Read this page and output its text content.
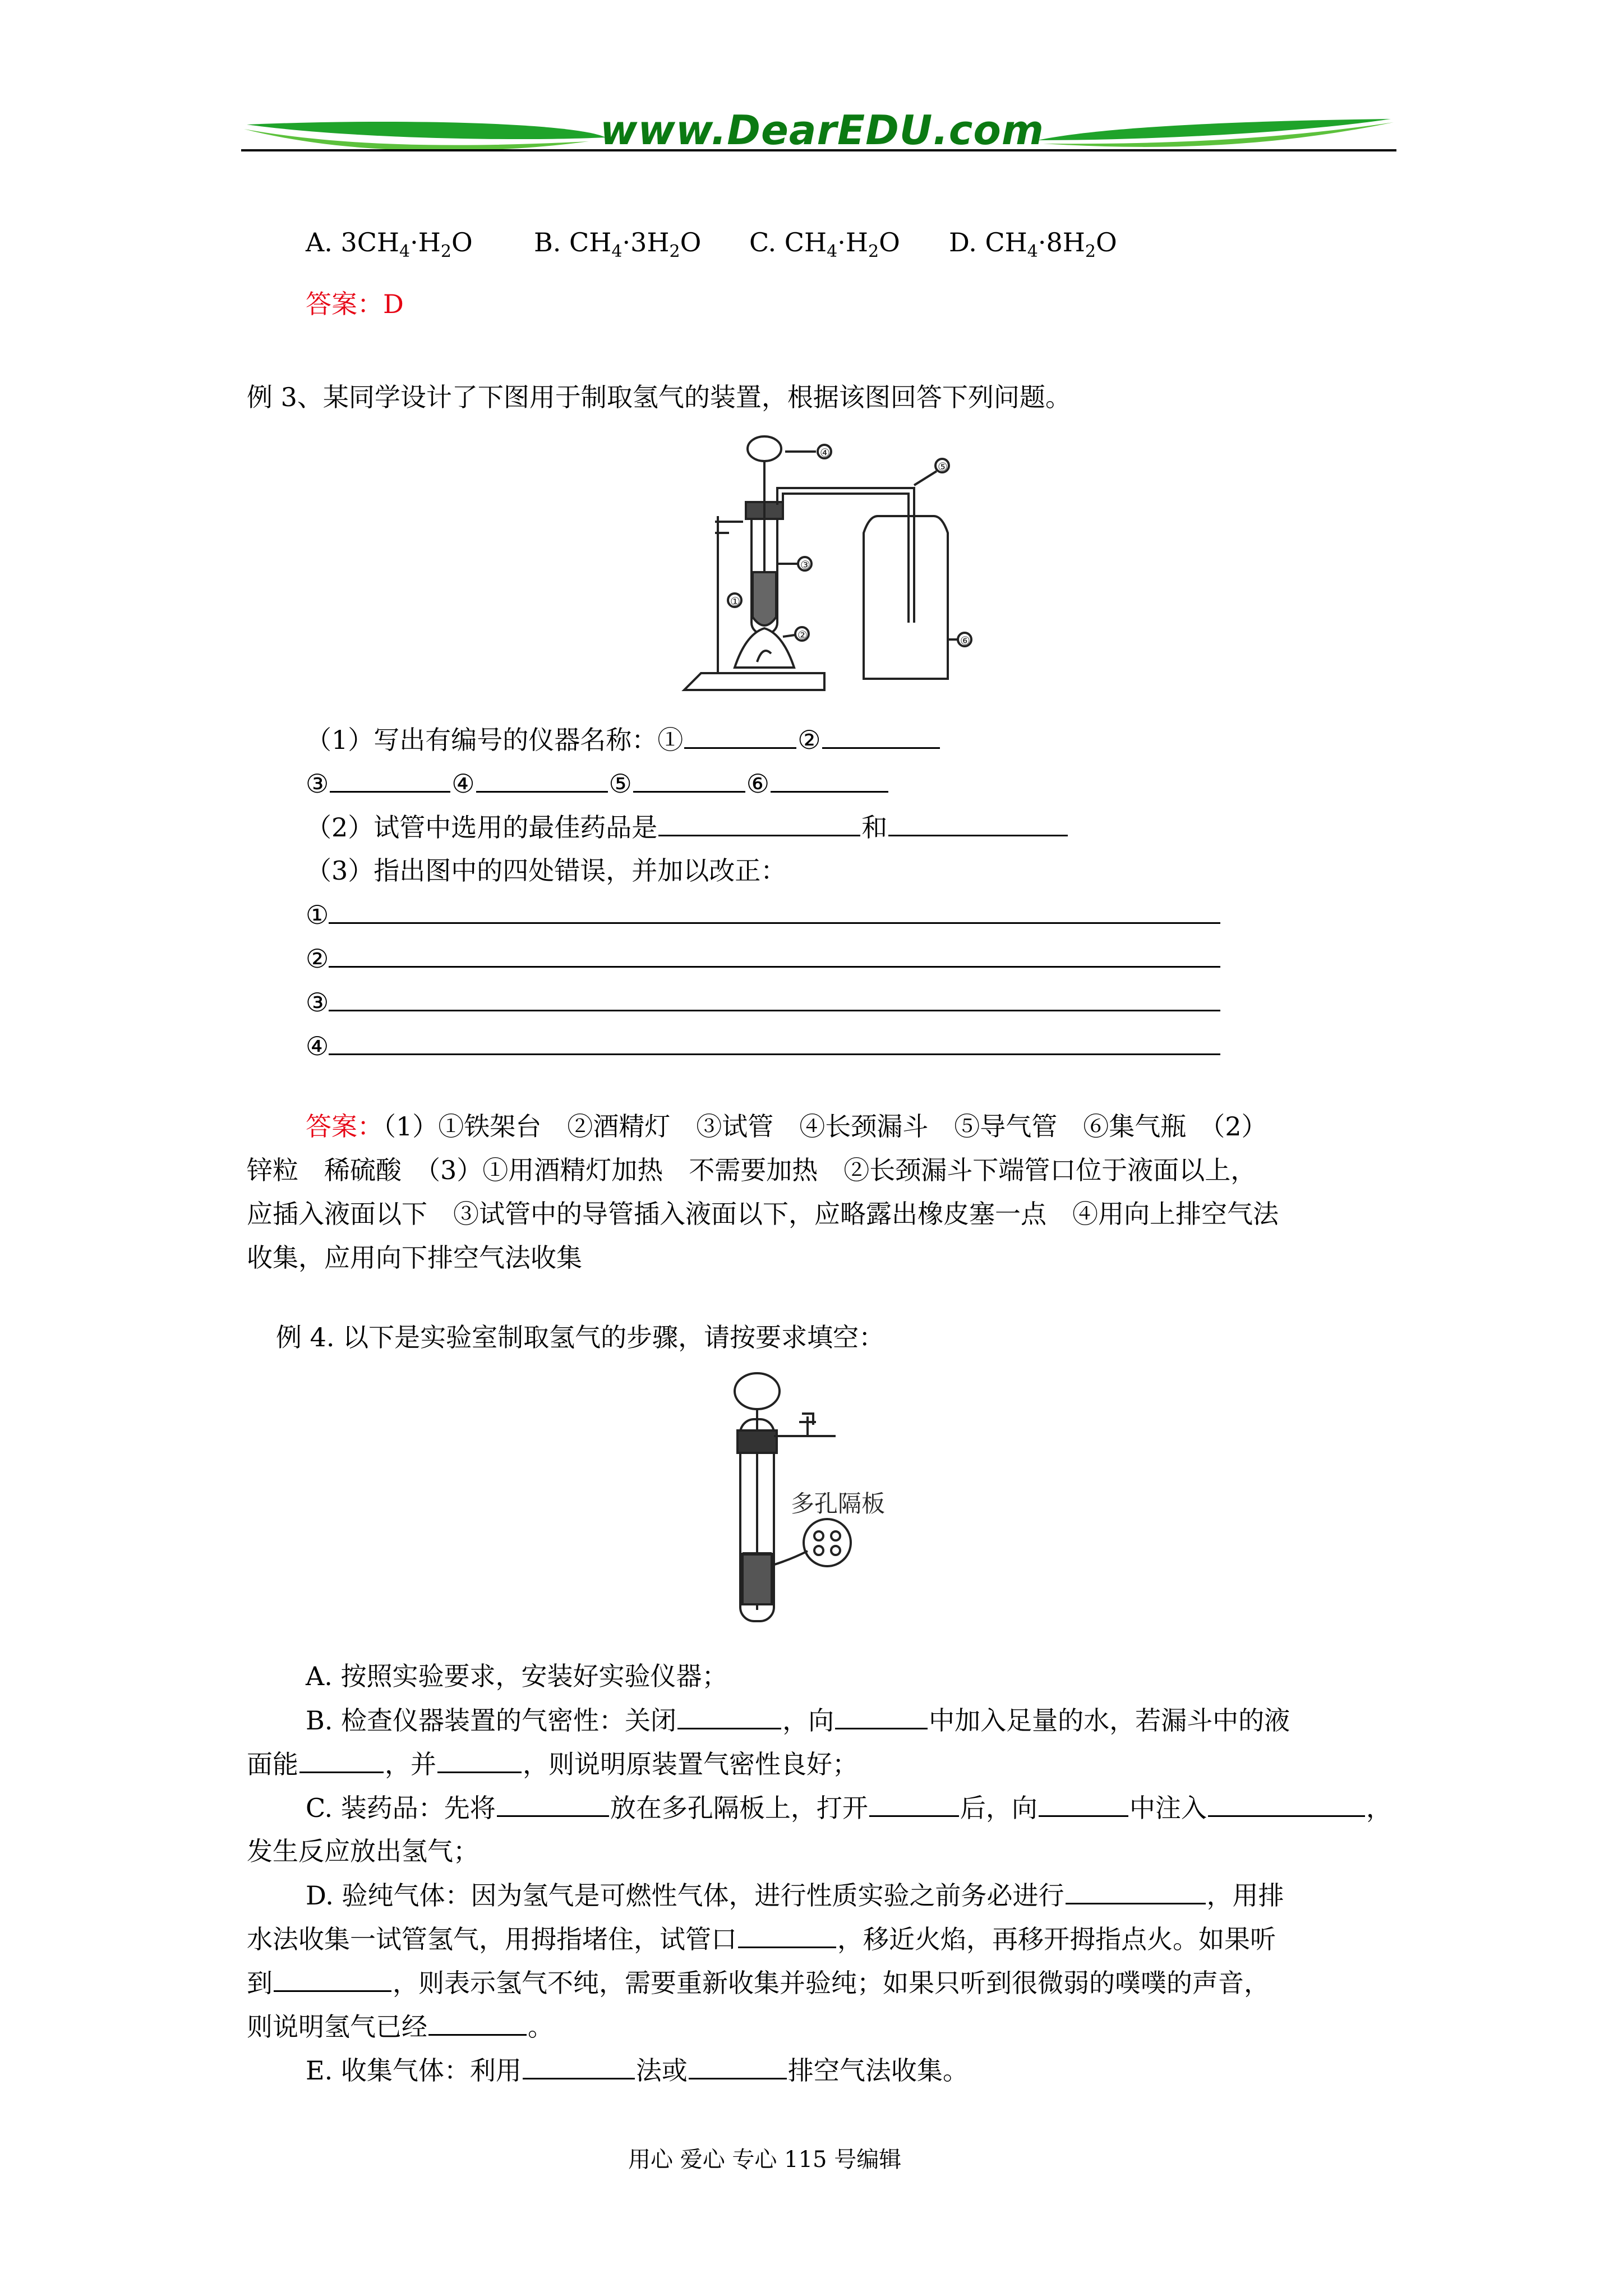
www.DearEDU.com
A. $3CH_4\cdot H_2O$ B. $CH_4\cdot 3H_2O$ C. $CH_4\cdot H_2O$ D. $CH_4\cdot 8H_2O$
答案：D
例 3、某同学设计了下图用于制取氢气的装置，根据该图回答下列问题。
④
⑤
③
①
②	⑥
（1）写出有编号的仪器名称：①	②
③	④	⑤	⑥
（2）试管中选用的最佳药品是	和
（3）指出图中的四处错误，并加以改正：
①
②
③
④
答案：（1）①铁架台　②酒精灯　③试管　④长颈漏斗　⑤导气管　⑥集气瓶　（2）
锌粒　稀硫酸　（3）①用酒精灯加热　不需要加热　②长颈漏斗下端管口位于液面以上，
应插入液面以下　③试管中的导管插入液面以下，应略露出橡皮塞一点　④用向上排空气法
收集，应用向下排空气法收集
例 4. 以下是实验室制取氢气的步骤，请按要求填空：
多孔隔板
A. 按照实验要求，安装好实验仪器；
B. 检查仪器装置的气密性：关闭	，向	中加入足量的水，若漏斗中的液
面能	，并	，则说明原装置气密性良好；
C. 装药品：先将	放在多孔隔板上，打开	后，向	中注入	，
发生反应放出氢气；
D. 验纯气体：因为氢气是可燃性气体，进行性质实验之前务必进行	，用排
水法收集一试管氢气，用拇指堵住，试管口	，移近火焰，再移开拇指点火。如果听
到	，则表示氢气不纯，需要重新收集并验纯；如果只听到很微弱的噗噗的声音，
则说明氢气已经	。
E. 收集气体：利用	法或	排空气法收集。
用心 爱心 专心 115 号编辑
